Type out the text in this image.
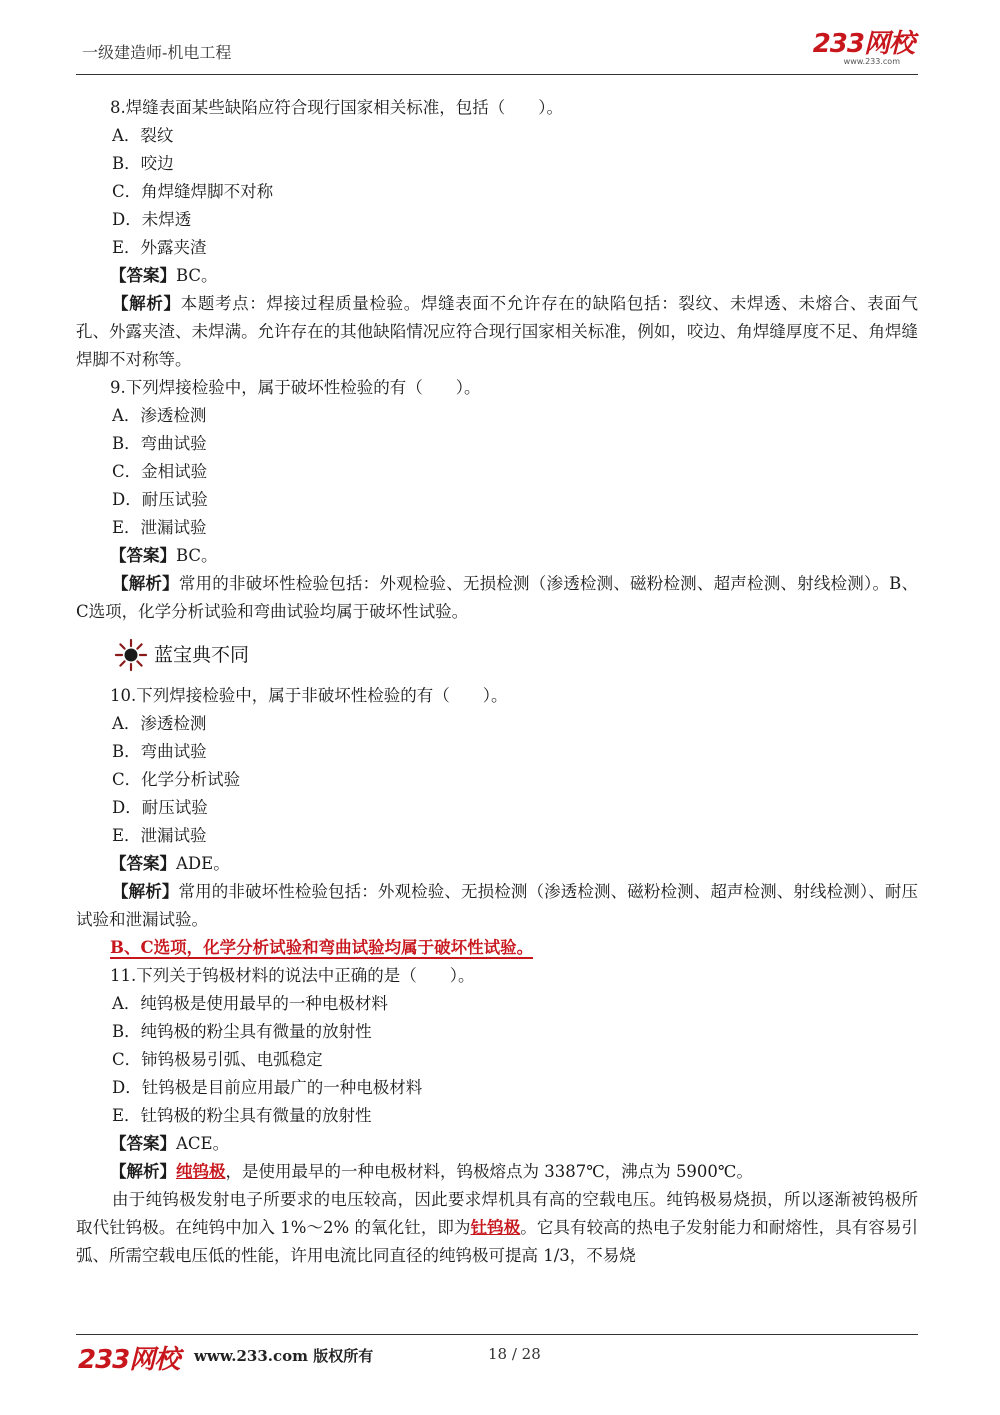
一级建造师-机电工程	233网校
www.233.com
8.焊缝表面某些缺陷应符合现行国家相关标准，包括（　　）。
A．裂纹
B．咬边
C．角焊缝焊脚不对称
D．未焊透
E．外露夹渣
【答案】BC。
【解析】本题考点：焊接过程质量检验。焊缝表面不允许存在的缺陷包括：裂纹、未焊透、未熔合、表面气孔、外露夹渣、未焊满。允许存在的其他缺陷情况应符合现行国家相关标准，例如，咬边、角焊缝厚度不足、角焊缝焊脚不对称等。
9.下列焊接检验中，属于破坏性检验的有（　　）。
A．渗透检测
B．弯曲试验
C．金相试验
D．耐压试验
E．泄漏试验
【答案】BC。
【解析】常用的非破坏性检验包括：外观检验、无损检测（渗透检测、磁粉检测、超声检测、射线检测）。B、C选项，化学分析试验和弯曲试验均属于破坏性试验。
蓝宝典不同
10.下列焊接检验中，属于非破坏性检验的有（　　）。
A．渗透检测
B．弯曲试验
C．化学分析试验
D．耐压试验
E．泄漏试验
【答案】ADE。
【解析】常用的非破坏性检验包括：外观检验、无损检测（渗透检测、磁粉检测、超声检测、射线检测）、耐压试验和泄漏试验。
B、C选项，化学分析试验和弯曲试验均属于破坏性试验。
11.下列关于钨极材料的说法中正确的是（　　）。
A．纯钨极是使用最早的一种电极材料
B．纯钨极的粉尘具有微量的放射性
C．铈钨极易引弧、电弧稳定
D．钍钨极是目前应用最广的一种电极材料
E．钍钨极的粉尘具有微量的放射性
【答案】ACE。
【解析】纯钨极，是使用最早的一种电极材料，钨极熔点为 3387℃，沸点为 5900℃。
由于纯钨极发射电子所要求的电压较高，因此要求焊机具有高的空载电压。纯钨极易烧损，所以逐渐被钨极所取代钍钨极。在纯钨中加入 1%～2% 的氧化钍，即为钍钨极。它具有较高的热电子发射能力和耐熔性，具有容易引弧、所需空载电压低的性能，许用电流比同直径的纯钨极可提高 1/3，不易烧
233网校 www.233.com 版权所有	18 / 28
